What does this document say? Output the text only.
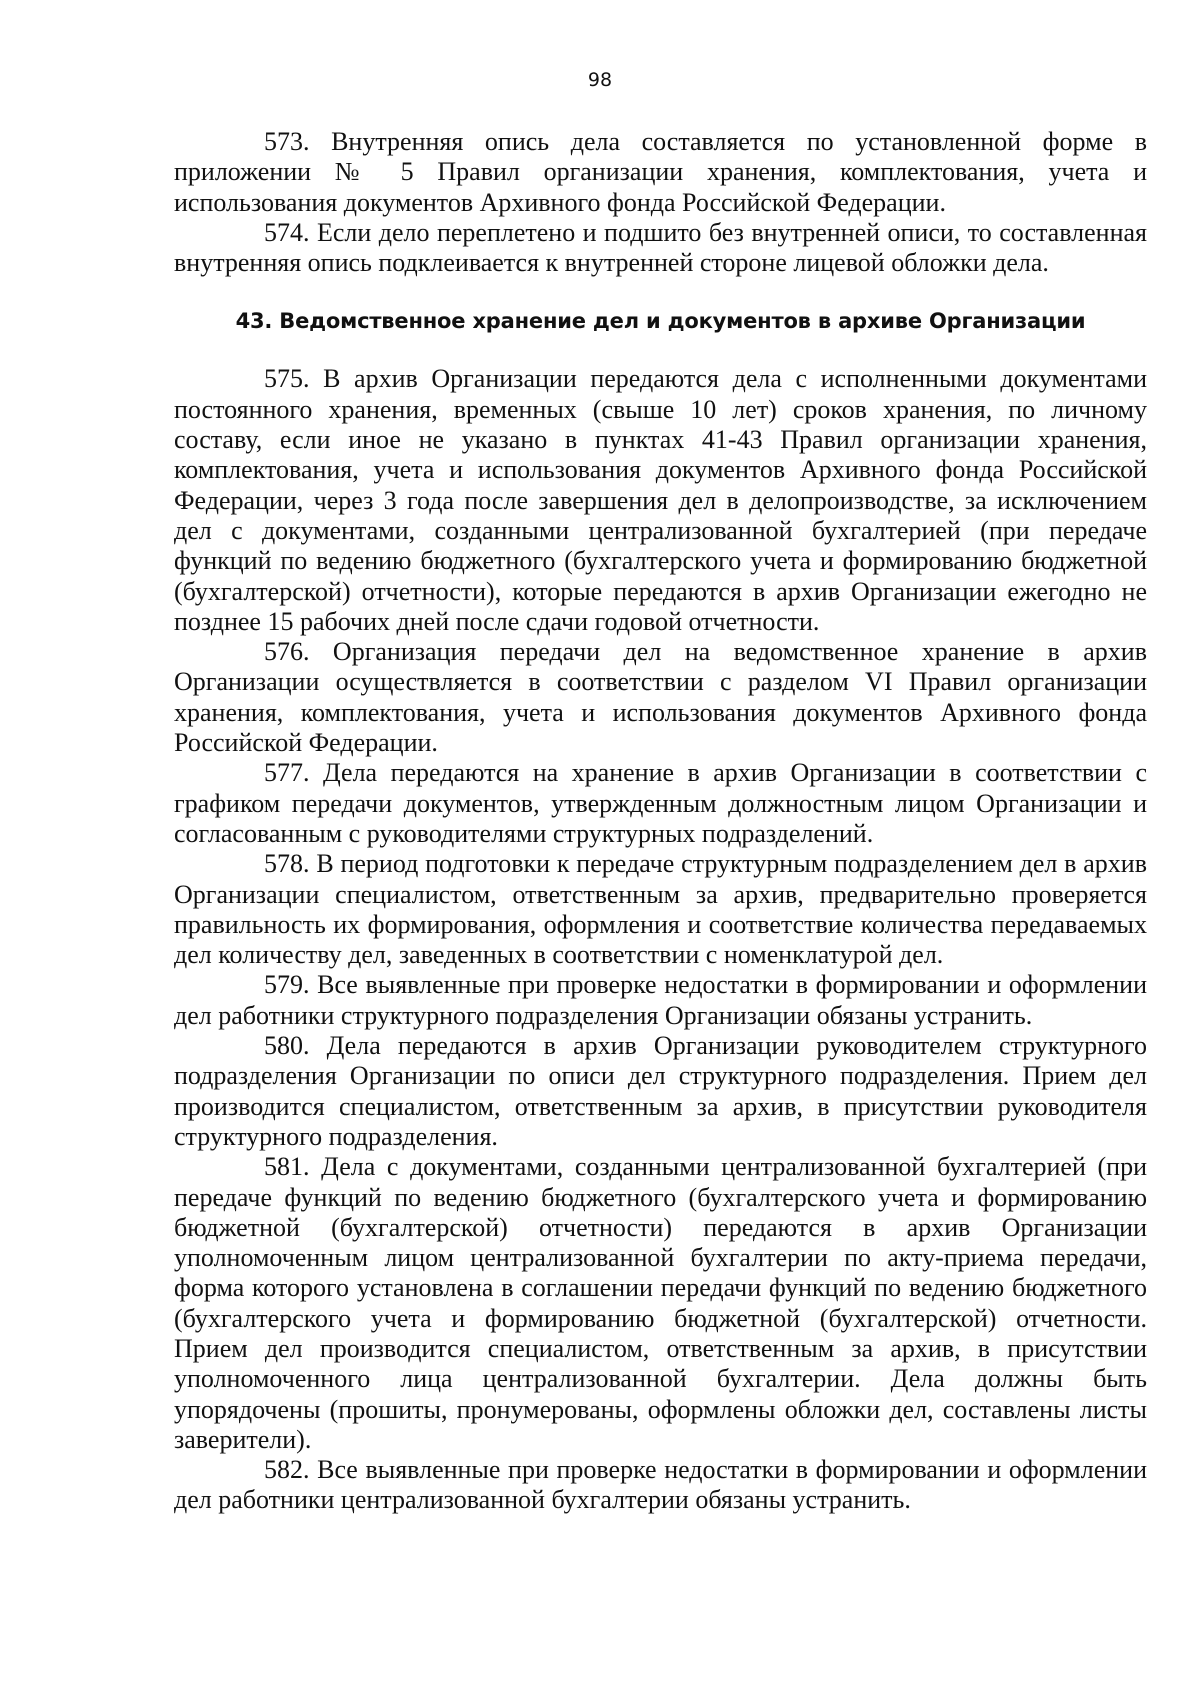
98

573. Внутренняя опись дела составляется по установленной форме в приложении № 5 Правил организации хранения, комплектования, учета и использования документов Архивного фонда Российской Федерации.

574. Если дело переплетено и подшито без внутренней описи, то составленная внутренняя опись подклеивается к внутренней стороне лицевой обложки дела.

43. Ведомственное хранение дел и документов в архиве Организации

575. В архив Организации передаются дела с исполненными документами постоянного хранения, временных (свыше 10 лет) сроков хранения, по личному составу, если иное не указано в пунктах 41-43 Правил организации хранения, комплектования, учета и использования документов Архивного фонда Российской Федерации, через 3 года после завершения дел в делопроизводстве, за исключением дел с документами, созданными централизованной бухгалтерией (при передаче функций по ведению бюджетного (бухгалтерского учета и формированию бюджетной (бухгалтерской) отчетности), которые передаются в архив Организации ежегодно не позднее 15 рабочих дней после сдачи годовой отчетности.

576. Организация передачи дел на ведомственное хранение в архив Организации осуществляется в соответствии с разделом VI Правил организации хранения, комплектования, учета и использования документов Архивного фонда Российской Федерации.

577. Дела передаются на хранение в архив Организации в соответствии с графиком передачи документов, утвержденным должностным лицом Организации и согласованным с руководителями структурных подразделений.

578. В период подготовки к передаче структурным подразделением дел в архив Организации специалистом, ответственным за архив, предварительно проверяется правильность их формирования, оформления и соответствие количества передаваемых дел количеству дел, заведенных в соответствии с номенклатурой дел.

579. Все выявленные при проверке недостатки в формировании и оформлении дел работники структурного подразделения Организации обязаны устранить.

580. Дела передаются в архив Организации руководителем структурного подразделения Организации по описи дел структурного подразделения. Прием дел производится специалистом, ответственным за архив, в присутствии руководителя структурного подразделения.

581. Дела с документами, созданными централизованной бухгалтерией (при передаче функций по ведению бюджетного (бухгалтерского учета и формированию бюджетной (бухгалтерской) отчетности) передаются в архив Организации уполномоченным лицом централизованной бухгалтерии по акту-приема передачи, форма которого установлена в соглашении передачи функций по ведению бюджетного (бухгалтерского учета и формированию бюджетной (бухгалтерской) отчетности. Прием дел производится специалистом, ответственным за архив, в присутствии уполномоченного лица централизованной бухгалтерии. Дела должны быть упорядочены (прошиты, пронумерованы, оформлены обложки дел, составлены листы заверители).

582. Все выявленные при проверке недостатки в формировании и оформлении дел работники централизованной бухгалтерии обязаны устранить.
